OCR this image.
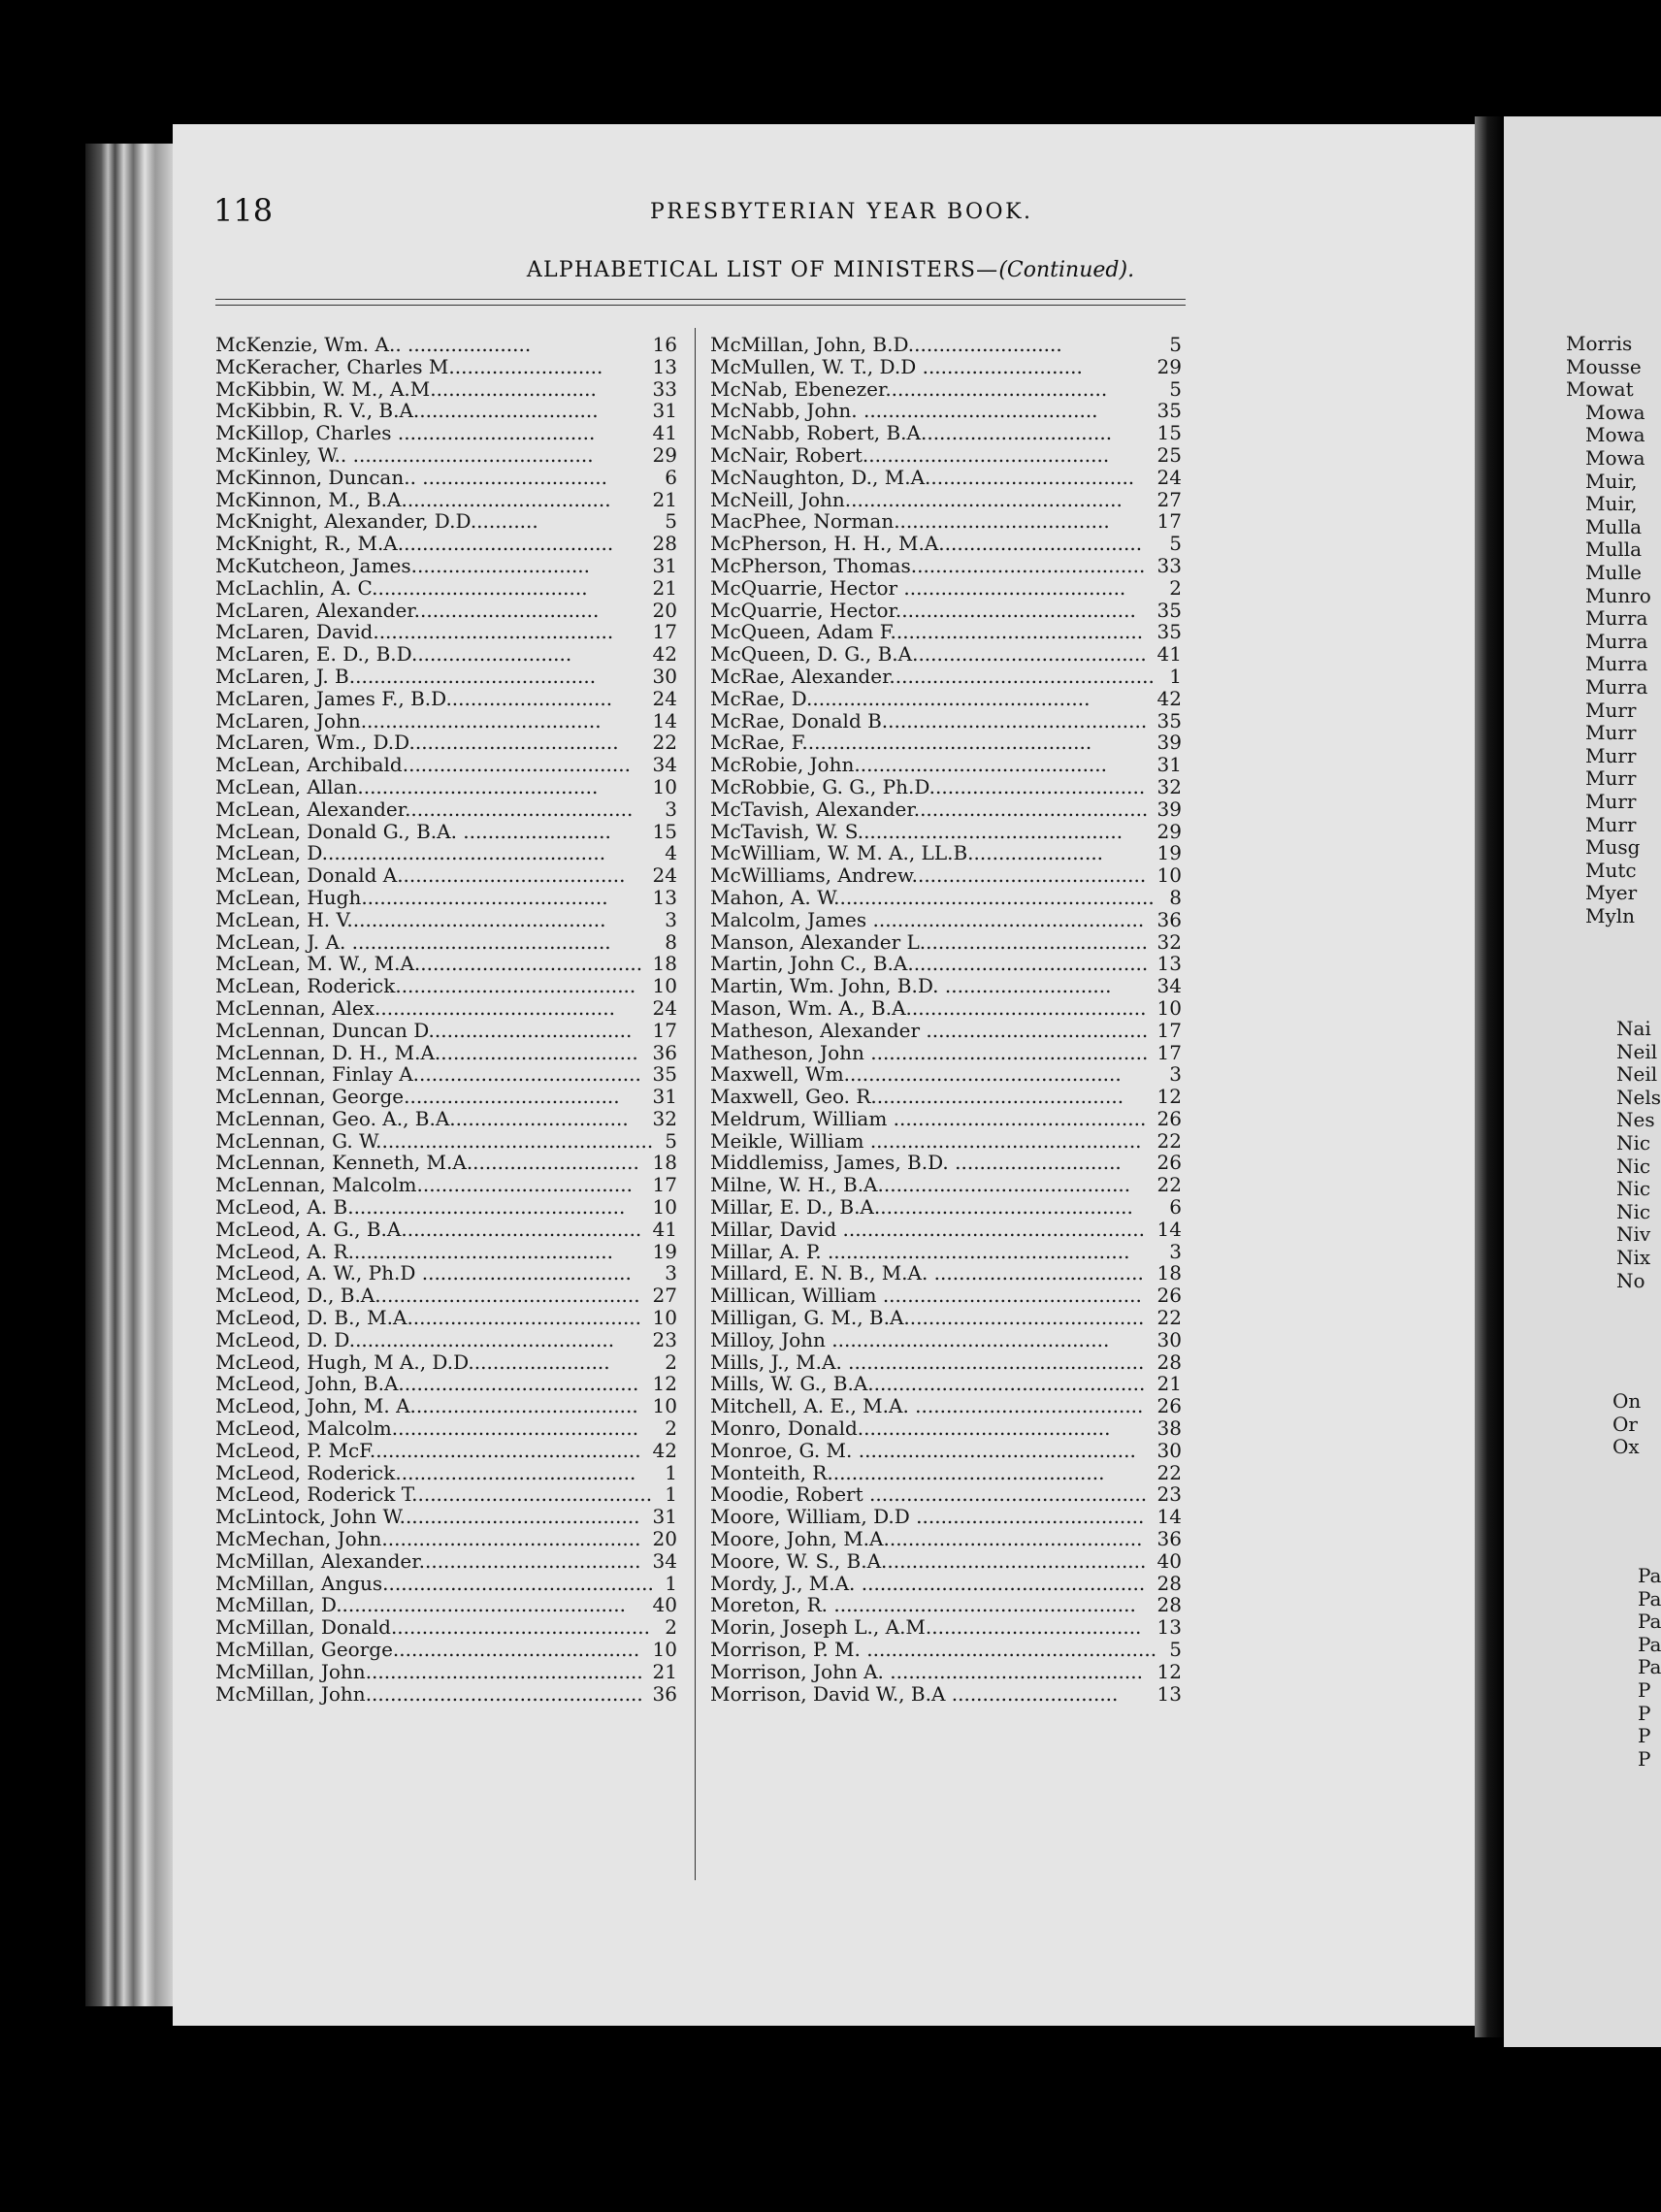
Morris
Mousse
Mowat
Mowa
Mowa
Mowa
Muir,
Muir,
Mulla
Mulla
Mulle
Munro
Murra
Murra
Murra
Murra
Murr
Murr
Murr
Murr
Murr
Murr
Musg
Mutc
Myer
Myln
Nai
Neil
Neil
Nels
Nes
Nic
Nic
Nic
Nic
Niv
Nix
No
On
Or
Ox
Pa
Pa
Pa
Pa
Pa
P
P
P
P
118	PRESBYTERIAN YEAR BOOK.
ALPHABETICAL LIST OF MINISTERS—(Continued).
McKenzie, Wm. A.. ....................	16
McKeracher, Charles M.........................	13
McKibbin, W. M., A.M...........................	33
McKibbin, R. V., B.A..............................	31
McKillop, Charles ................................	41
McKinley, W.. .......................................	29
McKinnon, Duncan.. ..............................	6
McKinnon, M., B.A.................................. 21
McKnight, Alexander, D.D...........	5
McKnight, R., M.A................................... 28
McKutcheon, James.............................	31
McLachlin, A. C...................................	21
McLaren, Alexander..............................	20
McLaren, David....................................... 17
McLaren, E. D., B.D..........................	42
McLaren, J. B........................................	30
McLaren, James F., B.D........................... 24
McLaren, John.......................................	14
McLaren, Wm., D.D.................................. 22
McLean, Archibald..................................... 34
McLean, Allan.......................................	10
McLean, Alexander..................................... 3
McLean, Donald G., B.A. ........................ 15
McLean, D..............................................	4
McLean, Donald A..................................... 24
McLean, Hugh........................................ 13
McLean, H. V..........................................	3
McLean, J. A. ..........................................	8
McLean, M. W., M.A..................................... 18
McLean, Roderick....................................... 10
McLennan, Alex....................................... 24
McLennan, Duncan D................................. 17
McLennan, D. H., M.A................................. 36
McLennan, Finlay A..................................... 35
McLennan, George................................... 31
McLennan, Geo. A., B.A............................. 32
McLennan, G. W............................................. 5
McLennan, Kenneth, M.A............................ 18
McLennan, Malcolm................................... 17
McLeod, A. B............................................. 10
McLeod, A. G., B.A....................................... 41
McLeod, A. R........................................... 19
McLeod, A. W., Ph.D .................................. 3
McLeod, D., B.A........................................... 27
McLeod, D. B., M.A...................................... 10
McLeod, D. D........................................... 23
McLeod, Hugh, M A., D.D.......................	2
McLeod, John, B.A....................................... 12
McLeod, John, M. A..................................... 10
McLeod, Malcolm........................................ 2
McLeod, P. McF............................................ 42
McLeod, Roderick....................................... 1
McLeod, Roderick T....................................... 1
McLintock, John W....................................... 31
McMechan, John.......................................... 20
McMillan, Alexander.................................... 34
McMillan, Angus............................................ 1
McMillan, D............................................... 40
McMillan, Donald.......................................... 2
McMillan, George........................................ 10
McMillan, John............................................. 21
McMillan, John............................................. 36
McMillan, John, B.D.........................	5
McMullen, W. T., D.D ..........................	29
McNab, Ebenezer....................................	5
McNabb, John. ......................................	35
McNabb, Robert, B.A............................... 15
McNair, Robert........................................ 25
McNaughton, D., M.A.................................. 24
McNeill, John............................................. 27
MacPhee, Norman................................... 17
McPherson, H. H., M.A................................. 5
McPherson, Thomas...................................... 33
McQuarrie, Hector .................................... 2
McQuarrie, Hector....................................... 35
McQueen, Adam F......................................... 35
McQueen, D. G., B.A...................................... 41
McRae, Alexander........................................... 1
McRae, D..............................................	42
McRae, Donald B........................................... 35
McRae, F...............................................	39
McRobie, John.........................................	31
McRobbie, G. G., Ph.D................................... 32
McTavish, Alexander...................................... 39
McTavish, W. S........................................... 29
McWilliam, W. M. A., LL.B......................	19
McWilliams, Andrew...................................... 10
Mahon, A. W.................................................... 8
Malcolm, James ............................................ 36
Manson, Alexander L..................................... 32
Martin, John C., B.A....................................... 13
Martin, Wm. John, B.D. ........................... 34
Mason, Wm. A., B.A....................................... 10
Matheson, Alexander .................................... 17
Matheson, John ............................................. 17
Maxwell, Wm............................................. 3
Maxwell, Geo. R......................................... 12
Meldrum, William ......................................... 26
Meikle, William ............................................ 22
Middlemiss, James, B.D. ........................... 26
Milne, W. H., B.A......................................... 22
Millar, E. D., B.A.......................................... 6
Millar, David ................................................. 14
Millar, A. P. ................................................. 3
Millard, E. N. B., M.A. .................................. 18
Millican, William .......................................... 26
Milligan, G. M., B.A....................................... 22
Milloy, John ............................................. 30
Mills, J., M.A. ................................................ 28
Mills, W. G., B.A............................................. 21
Mitchell, A. E., M.A. ..................................... 26
Monro, Donald......................................... 38
Monroe, G. M. ............................................. 30
Monteith, R.............................................	22
Moodie, Robert ............................................. 23
Moore, William, D.D ..................................... 14
Moore, John, M.A.......................................... 36
Moore, W. S., B.A........................................... 40
Mordy, J., M.A. .............................................. 28
Moreton, R. ................................................. 28
Morin, Joseph L., A.M................................... 13
Morrison, P. M. ............................................... 5
Morrison, John A. ......................................... 12
Morrison, David W., B.A ........................... 13
